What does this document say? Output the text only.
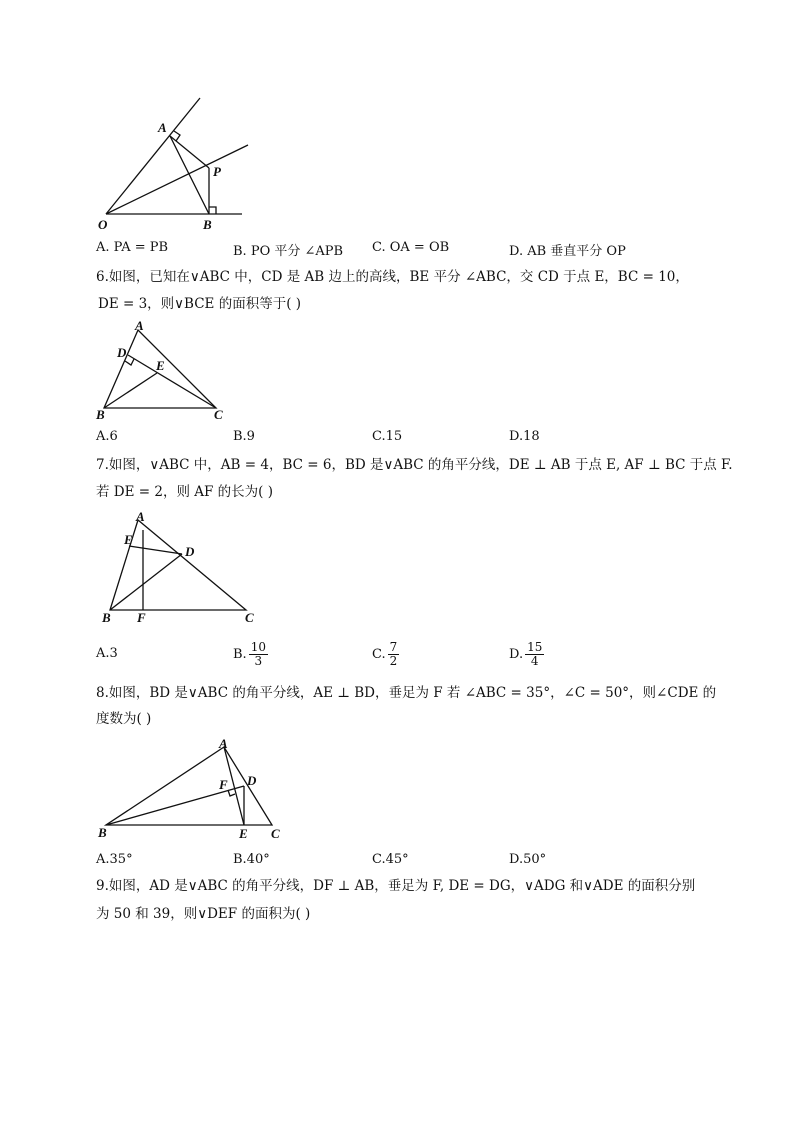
A
P
O	B
A. PA = PB	B. PO 平分 ∠APB C. OA = OB	D. AB 垂直平分 OP
6.如图，已知在∨ABC 中，CD 是 AB 边上的高线，BE 平分 ∠ABC，交 CD 于点 E，BC = 10，
DE = 3，则∨BCE 的面积等于( )
A
D
E
B	C
A.6	B.9	C.15	D.18
7.如图，∨ABC 中，AB = 4，BC = 6，BD 是∨ABC 的角平分线，DE ⊥ AB 于点 E, AF ⊥ BC 于点 F.
若 DE = 2，则 AF 的长为( )
A
E
D
B F	C
A.3	B. $\frac{10}{3}$	C. $\frac{7}{2}$	D. $\frac{15}{4}$
8.如图，BD 是∨ABC 的角平分线，AE ⊥ BD，垂足为 F 若 ∠ABC = 35°，∠C = 50°，则∠CDE 的
度数为( )
A
F D
B	E C
A.35°	B.40°	C.45°	D.50°
9.如图，AD 是∨ABC 的角平分线，DF ⊥ AB，垂足为 F, DE = DG，∨ADG 和∨ADE 的面积分别
为 50 和 39，则∨DEF 的面积为( )
